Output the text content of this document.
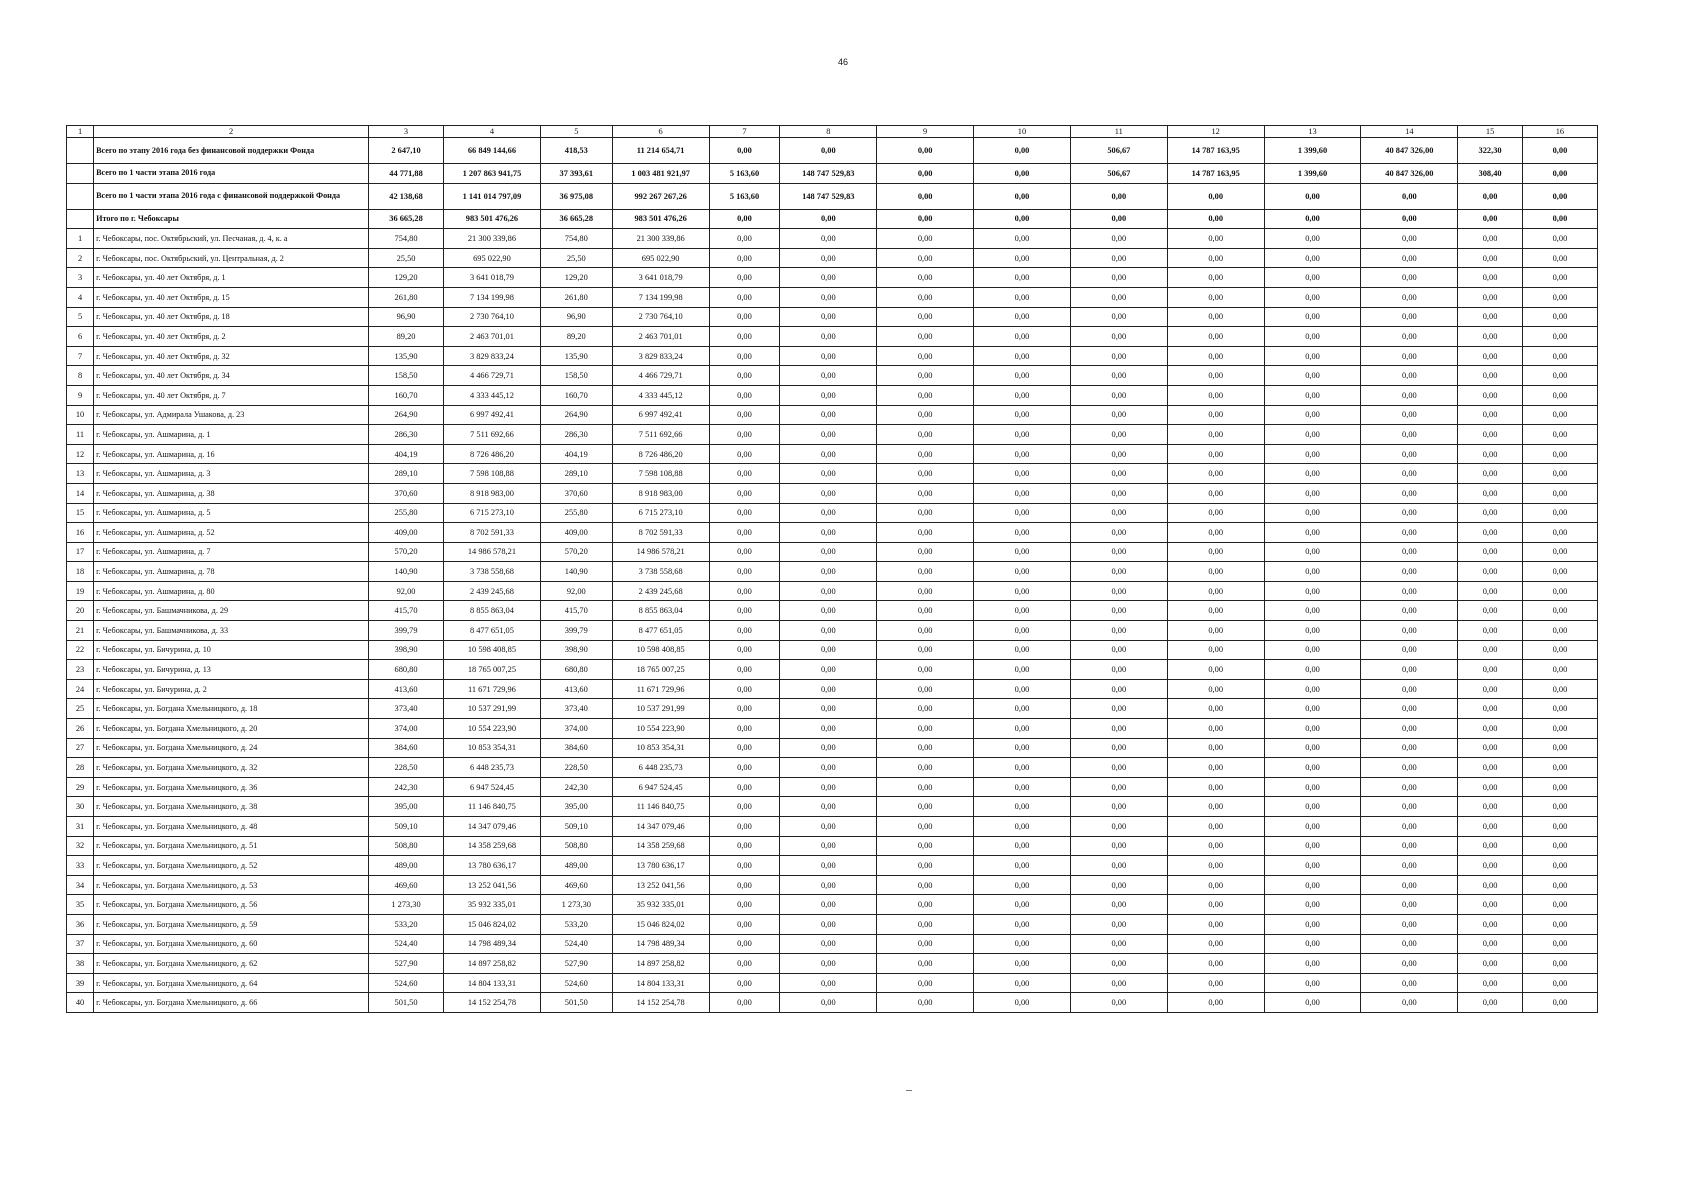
46
1	2	3	4	5	6	7	8	9	10	11	12	13	14	15	16
	Всего по этапу 2016 года без финансовой поддержки Фонда	2 647,10	66 849 144,66	418,53	11 214 654,71	0,00	0,00	0,00	0,00	506,67	14 787 163,95	1 399,60	40 847 326,00	322,30	0,00
	Всего по 1 части этапа 2016 года	44 771,88	1 207 863 941,75	37 393,61	1 003 481 921,97	5 163,60	148 747 529,83	0,00	0,00	506,67	14 787 163,95	1 399,60	40 847 326,00	308,40	0,00
	Всего по 1 части этапа 2016 года с финансовой поддержкой Фонда	42 138,68	1 141 014 797,09	36 975,08	992 267 267,26	5 163,60	148 747 529,83	0,00	0,00	0,00	0,00	0,00	0,00	0,00	0,00
	Итого по г. Чебоксары	36 665,28	983 501 476,26	36 665,28	983 501 476,26	0,00	0,00	0,00	0,00	0,00	0,00	0,00	0,00	0,00	0,00
1	г. Чебоксары, пос. Октябрьский, ул. Песчаная, д. 4, к. а	754,80	21 300 339,86	754,80	21 300 339,86	0,00	0,00	0,00	0,00	0,00	0,00	0,00	0,00	0,00	0,00
2	г. Чебоксары, пос. Октябрьский, ул. Центральная, д. 2	25,50	695 022,90	25,50	695 022,90	0,00	0,00	0,00	0,00	0,00	0,00	0,00	0,00	0,00	0,00
3	г. Чебоксары, ул. 40 лет Октября, д. 1	129,20	3 641 018,79	129,20	3 641 018,79	0,00	0,00	0,00	0,00	0,00	0,00	0,00	0,00	0,00	0,00
4	г. Чебоксары, ул. 40 лет Октября, д. 15	261,80	7 134 199,98	261,80	7 134 199,98	0,00	0,00	0,00	0,00	0,00	0,00	0,00	0,00	0,00	0,00
5	г. Чебоксары, ул. 40 лет Октября, д. 18	96,90	2 730 764,10	96,90	2 730 764,10	0,00	0,00	0,00	0,00	0,00	0,00	0,00	0,00	0,00	0,00
6	г. Чебоксары, ул. 40 лет Октября, д. 2	89,20	2 463 701,01	89,20	2 463 701,01	0,00	0,00	0,00	0,00	0,00	0,00	0,00	0,00	0,00	0,00
7	г. Чебоксары, ул. 40 лет Октября, д. 32	135,90	3 829 833,24	135,90	3 829 833,24	0,00	0,00	0,00	0,00	0,00	0,00	0,00	0,00	0,00	0,00
8	г. Чебоксары, ул. 40 лет Октября, д. 34	158,50	4 466 729,71	158,50	4 466 729,71	0,00	0,00	0,00	0,00	0,00	0,00	0,00	0,00	0,00	0,00
9	г. Чебоксары, ул. 40 лет Октября, д. 7	160,70	4 333 445,12	160,70	4 333 445,12	0,00	0,00	0,00	0,00	0,00	0,00	0,00	0,00	0,00	0,00
10	г. Чебоксары, ул. Адмирала Ушакова, д. 23	264,90	6 997 492,41	264,90	6 997 492,41	0,00	0,00	0,00	0,00	0,00	0,00	0,00	0,00	0,00	0,00
11	г. Чебоксары, ул. Ашмарина, д. 1	286,30	7 511 692,66	286,30	7 511 692,66	0,00	0,00	0,00	0,00	0,00	0,00	0,00	0,00	0,00	0,00
12	г. Чебоксары, ул. Ашмарина, д. 16	404,19	8 726 486,20	404,19	8 726 486,20	0,00	0,00	0,00	0,00	0,00	0,00	0,00	0,00	0,00	0,00
13	г. Чебоксары, ул. Ашмарина, д. 3	289,10	7 598 108,88	289,10	7 598 108,88	0,00	0,00	0,00	0,00	0,00	0,00	0,00	0,00	0,00	0,00
14	г. Чебоксары, ул. Ашмарина, д. 38	370,60	8 918 983,00	370,60	8 918 983,00	0,00	0,00	0,00	0,00	0,00	0,00	0,00	0,00	0,00	0,00
15	г. Чебоксары, ул. Ашмарина, д. 5	255,80	6 715 273,10	255,80	6 715 273,10	0,00	0,00	0,00	0,00	0,00	0,00	0,00	0,00	0,00	0,00
16	г. Чебоксары, ул. Ашмарина, д. 52	409,00	8 702 591,33	409,00	8 702 591,33	0,00	0,00	0,00	0,00	0,00	0,00	0,00	0,00	0,00	0,00
17	г. Чебоксары, ул. Ашмарина, д. 7	570,20	14 986 578,21	570,20	14 986 578,21	0,00	0,00	0,00	0,00	0,00	0,00	0,00	0,00	0,00	0,00
18	г. Чебоксары, ул. Ашмарина, д. 78	140,90	3 738 558,68	140,90	3 738 558,68	0,00	0,00	0,00	0,00	0,00	0,00	0,00	0,00	0,00	0,00
19	г. Чебоксары, ул. Ашмарина, д. 80	92,00	2 439 245,68	92,00	2 439 245,68	0,00	0,00	0,00	0,00	0,00	0,00	0,00	0,00	0,00	0,00
20	г. Чебоксары, ул. Башмачникова, д. 29	415,70	8 855 863,04	415,70	8 855 863,04	0,00	0,00	0,00	0,00	0,00	0,00	0,00	0,00	0,00	0,00
21	г. Чебоксары, ул. Башмачникова, д. 33	399,79	8 477 651,05	399,79	8 477 651,05	0,00	0,00	0,00	0,00	0,00	0,00	0,00	0,00	0,00	0,00
22	г. Чебоксары, ул. Бичурина, д. 10	398,90	10 598 408,85	398,90	10 598 408,85	0,00	0,00	0,00	0,00	0,00	0,00	0,00	0,00	0,00	0,00
23	г. Чебоксары, ул. Бичурина, д. 13	680,80	18 765 007,25	680,80	18 765 007,25	0,00	0,00	0,00	0,00	0,00	0,00	0,00	0,00	0,00	0,00
24	г. Чебоксары, ул. Бичурина, д. 2	413,60	11 671 729,96	413,60	11 671 729,96	0,00	0,00	0,00	0,00	0,00	0,00	0,00	0,00	0,00	0,00
25	г. Чебоксары, ул. Богдана Хмельницкого, д. 18	373,40	10 537 291,99	373,40	10 537 291,99	0,00	0,00	0,00	0,00	0,00	0,00	0,00	0,00	0,00	0,00
26	г. Чебоксары, ул. Богдана Хмельницкого, д. 20	374,00	10 554 223,90	374,00	10 554 223,90	0,00	0,00	0,00	0,00	0,00	0,00	0,00	0,00	0,00	0,00
27	г. Чебоксары, ул. Богдана Хмельницкого, д. 24	384,60	10 853 354,31	384,60	10 853 354,31	0,00	0,00	0,00	0,00	0,00	0,00	0,00	0,00	0,00	0,00
28	г. Чебоксары, ул. Богдана Хмельницкого, д. 32	228,50	6 448 235,73	228,50	6 448 235,73	0,00	0,00	0,00	0,00	0,00	0,00	0,00	0,00	0,00	0,00
29	г. Чебоксары, ул. Богдана Хмельницкого, д. 36	242,30	6 947 524,45	242,30	6 947 524,45	0,00	0,00	0,00	0,00	0,00	0,00	0,00	0,00	0,00	0,00
30	г. Чебоксары, ул. Богдана Хмельницкого, д. 38	395,00	11 146 840,75	395,00	11 146 840,75	0,00	0,00	0,00	0,00	0,00	0,00	0,00	0,00	0,00	0,00
31	г. Чебоксары, ул. Богдана Хмельницкого, д. 48	509,10	14 347 079,46	509,10	14 347 079,46	0,00	0,00	0,00	0,00	0,00	0,00	0,00	0,00	0,00	0,00
32	г. Чебоксары, ул. Богдана Хмельницкого, д. 51	508,80	14 358 259,68	508,80	14 358 259,68	0,00	0,00	0,00	0,00	0,00	0,00	0,00	0,00	0,00	0,00
33	г. Чебоксары, ул. Богдана Хмельницкого, д. 52	489,00	13 780 636,17	489,00	13 780 636,17	0,00	0,00	0,00	0,00	0,00	0,00	0,00	0,00	0,00	0,00
34	г. Чебоксары, ул. Богдана Хмельницкого, д. 53	469,60	13 252 041,56	469,60	13 252 041,56	0,00	0,00	0,00	0,00	0,00	0,00	0,00	0,00	0,00	0,00
35	г. Чебоксары, ул. Богдана Хмельницкого, д. 56	1 273,30	35 932 335,01	1 273,30	35 932 335,01	0,00	0,00	0,00	0,00	0,00	0,00	0,00	0,00	0,00	0,00
36	г. Чебоксары, ул. Богдана Хмельницкого, д. 59	533,20	15 046 824,02	533,20	15 046 824,02	0,00	0,00	0,00	0,00	0,00	0,00	0,00	0,00	0,00	0,00
37	г. Чебоксары, ул. Богдана Хмельницкого, д. 60	524,40	14 798 489,34	524,40	14 798 489,34	0,00	0,00	0,00	0,00	0,00	0,00	0,00	0,00	0,00	0,00
38	г. Чебоксары, ул. Богдана Хмельницкого, д. 62	527,90	14 897 258,82	527,90	14 897 258,82	0,00	0,00	0,00	0,00	0,00	0,00	0,00	0,00	0,00	0,00
39	г. Чебоксары, ул. Богдана Хмельницкого, д. 64	524,60	14 804 133,31	524,60	14 804 133,31	0,00	0,00	0,00	0,00	0,00	0,00	0,00	0,00	0,00	0,00
40	г. Чебоксары, ул. Богдана Хмельницкого, д. 66	501,50	14 152 254,78	501,50	14 152 254,78	0,00	0,00	0,00	0,00	0,00	0,00	0,00	0,00	0,00	0,00
